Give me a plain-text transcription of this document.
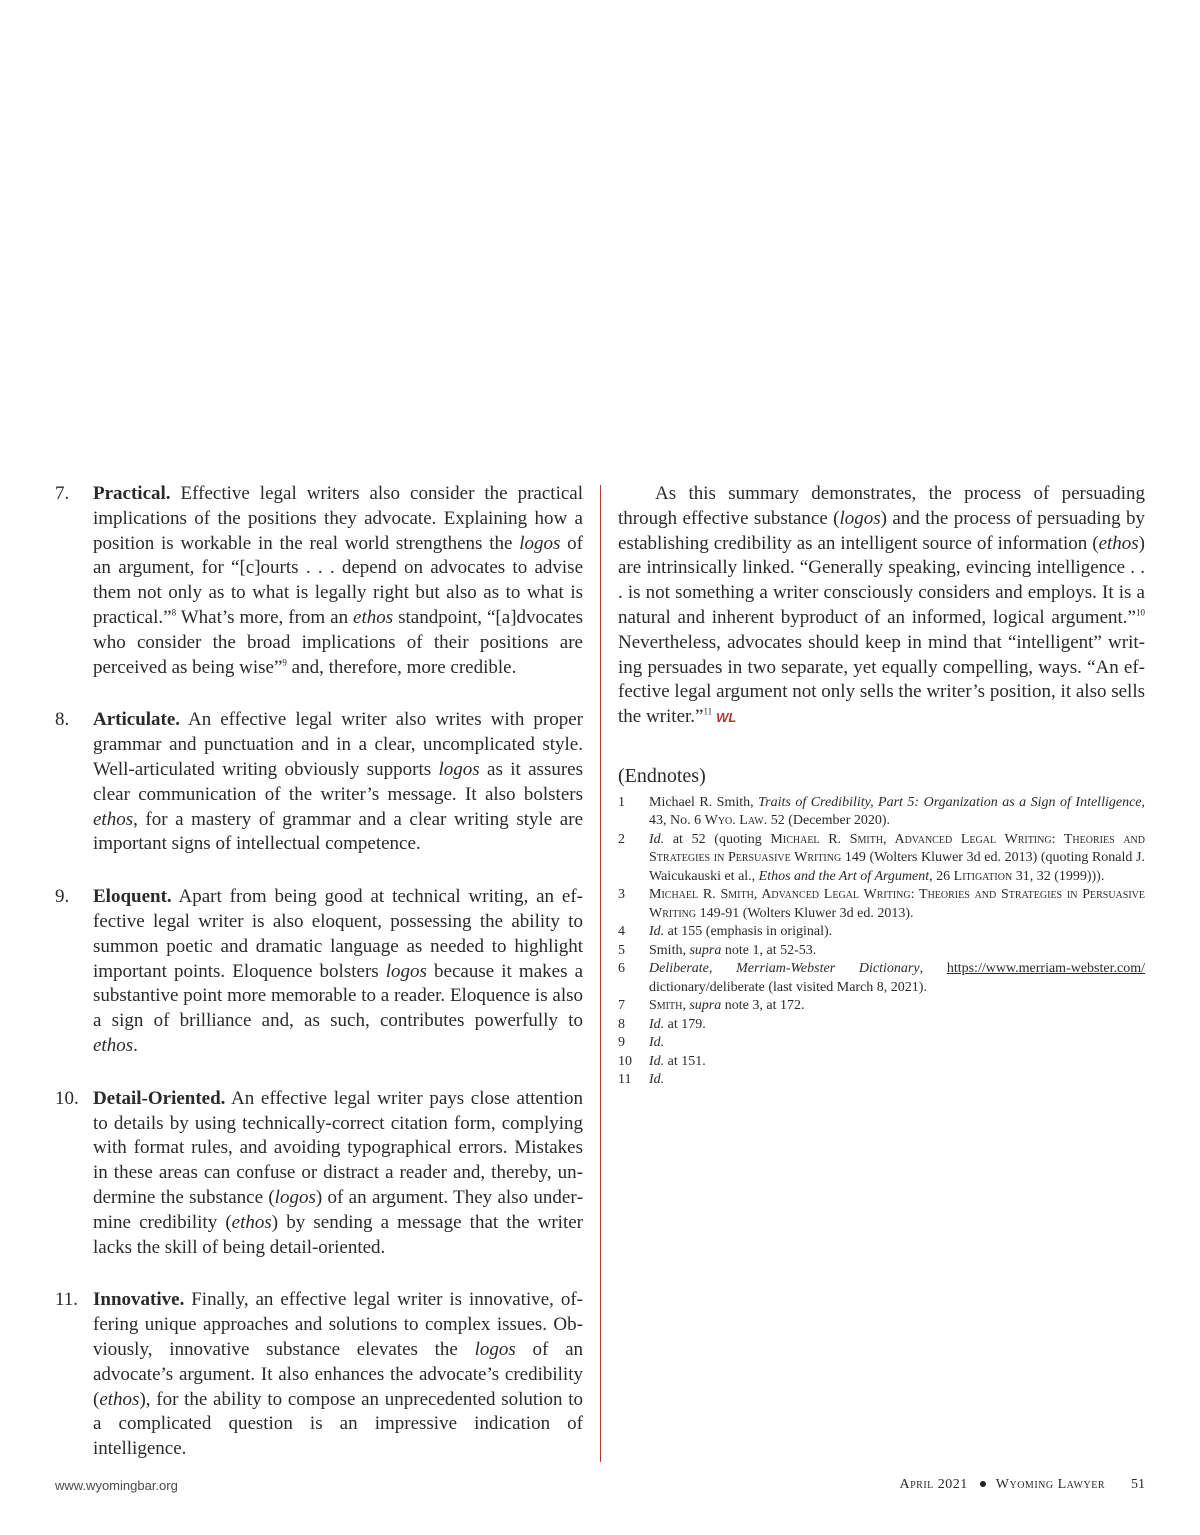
7.	Practical. Effective legal writers also consider the practical implications of the positions they advocate. Explaining how a position is workable in the real world strengthens the logos of an argument, for “[c]ourts . . . depend on advocates to advise them not only as to what is legally right but also as to what is practical.”$^8$ What’s more, from an ethos standpoint, “[a]dvocates who consider the broad implications of their positions are perceived as being wise”$^9$ and, therefore, more credible.
8.	Articulate. An effective legal writer also writes with proper grammar and punctuation and in a clear, uncomplicated style. Well-articulated writing obviously supports logos as it assures clear communication of the writer’s message. It also bolsters ethos, for a mastery of grammar and a clear writing style are important signs of intellectual competence.
9.	Eloquent. Apart from being good at technical writing, an effective legal writer is also eloquent, possessing the ability to summon poetic and dramatic language as needed to highlight important points. Eloquence bolsters logos because it makes a substantive point more memorable to a reader. Eloquence is also a sign of brilliance and, as such, contributes powerfully to ethos.
10. Detail-Oriented. An effective legal writer pays close attention to details by using technically-correct citation form, complying with format rules, and avoiding typographical errors. Mistakes in these areas can confuse or distract a reader and, thereby, undermine the substance (logos) of an argument. They also undermine credibility (ethos) by sending a message that the writer lacks the skill of being detail-oriented.
11. Innovative. Finally, an effective legal writer is innovative, offering unique approaches and solutions to complex issues. Obviously, innovative substance elevates the logos of an advocate’s argument. It also enhances the advocate’s credibility (ethos), for the ability to compose an unprecedented solution to a complicated question is an impressive indication of intelligence.

As this summary demonstrates, the process of persuading through effective substance (logos) and the process of persuading by establishing credibility as an intelligent source of information (ethos) are intrinsically linked. “Generally speaking, evincing intelligence . . . is not something a writer consciously considers and employs. It is a natural and inherent byproduct of an informed, logical argument.”$^{10}$ Nevertheless, advocates should keep in mind that “intelligent” writing persuades in two separate, yet equally compelling, ways. “An effective legal argument not only sells the writer’s position, it also sells the writer.”$^{11}$ WL

(Endnotes)
1	Michael R. Smith, Traits of Credibility, Part 5: Organization as a Sign of Intelligence, 43, No. 6 Wyo. Law. 52 (December 2020).
2	Id. at 52 (quoting Michael R. Smith, Advanced Legal Writing: Theories and Strategies in Persuasive Writing 149 (Wolters Kluwer 3d ed. 2013) (quoting Ronald J. Waicukauski et al., Ethos and the Art of Argument, 26 Litigation 31, 32 (1999))).
3	Michael R. Smith, Advanced Legal Writing: Theories and Strategies in Persuasive Writing 149-91 (Wolters Kluwer 3d ed. 2013).
4	Id. at 155 (emphasis in original).
5	Smith, supra note 1, at 52-53.
6	Deliberate, Merriam-Webster Dictionary, https://www.merriam-webster.com/ dictionary/deliberate (last visited March 8, 2021).
7	Smith, supra note 3, at 172.
8	Id. at 179.
9	Id.
10	Id. at 151.
11	Id.
www.wyomingbar.org	April 2021 Wyoming Lawyer 51
